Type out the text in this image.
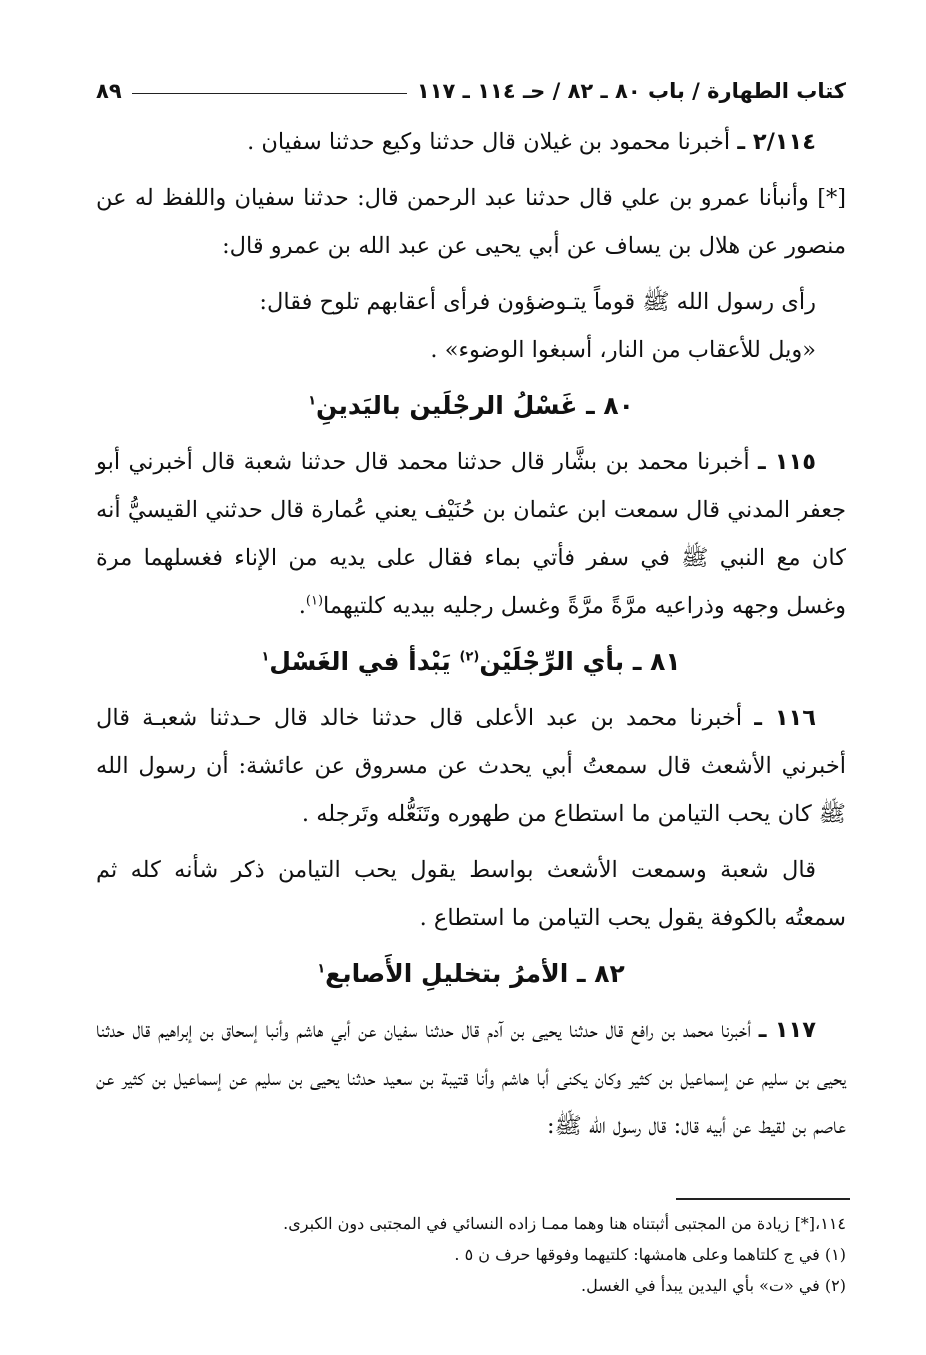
كتاب الطهارة / باب ٨٠ ـ ٨٢ / حـ ١١٤ ـ ١١٧
٨٩

٢/١١٤ ـ أخبرنا محمود بن غيلان قال حدثنا وكيع حدثنا سفيان .

[*] وأنبأنا عمرو بن علي قال حدثنا عبد الرحمن قال: حدثنا سفيان واللفظ له عن منصور عن هلال بن يساف عن أبي يحيى عن عبد الله بن عمرو قال:

رأى رسول الله ﷺ قوماً يتـوضؤون فرأى أعقابهم تلوح فقال:

«ويل للأعقاب من النار، أسبغوا الوضوء» .

٨٠ ـ غَسْلُ الرجْلَين باليَدينِ$^١$

١١٥ ـ أخبرنا محمد بن بشَّار قال حدثنا محمد قال حدثنا شعبة قال أخبرني أبو جعفر المدني قال سمعت ابن عثمان بن حُنَيْف يعني عُمارة قال حدثني القيسيُّ أنه كان مع النبي ﷺ في سفر فأتي بماء فقال على يديه من الإناء فغسلهما مرة وغسل وجهه وذراعيه مرَّةً مرَّةً وغسل رجليه بيديه كلتيهما$^{(١)}$.

٨١ ـ بأي الرِّجْلَيْن$^{(٢)}$ يَبْدأ في الغَسْل$^١$

١١٦ ـ أخبرنا محمد بن عبد الأعلى قال حدثنا خالد قال حـدثنا شعبـة قال أخبرني الأشعث قال سمعتُ أبي يحدث عن مسروق عن عائشة: أن رسول الله ﷺ كان يحب التيامن ما استطاع من طهوره وتَنَعُّله وتَرجله .

قال شعبة وسمعت الأشعث بواسط يقول يحب التيامن ذكر شأنه كله ثم سمعتُه بالكوفة يقول يحب التيامن ما استطاع .

٨٢ ـ الأمرُ بتخليلِ الأَصابع$^١$

١١٧ ـ أخبرنا محمد بن رافع قال حدثنا يحيى بن آدم قال حدثنا سفيان عن أبي هاشم وأنبا إسحاق بن إبراهيم قال حدثنا يحيى بن سليم عن إسماعيل بن كثير وكان يكنى أبا هاشم وأنا قتيبة بن سعيد حدثنا يحيى بن سليم عن إسماعيل بن كثير عن عاصم بن لقيط عن أبيه قال: قال رسول الله ﷺ:

١١٤،[*] زيادة من المجتبى أثبتناه هنا وهما ممـا زاده النسائي في المجتبى دون الكبرى.

(١) في ج كلتاهما وعلى هامشها: كلتيهما وفوقها حرف ن ٥ .

(٢) في «ت» بأي اليدين يبدأ في الغسل.
